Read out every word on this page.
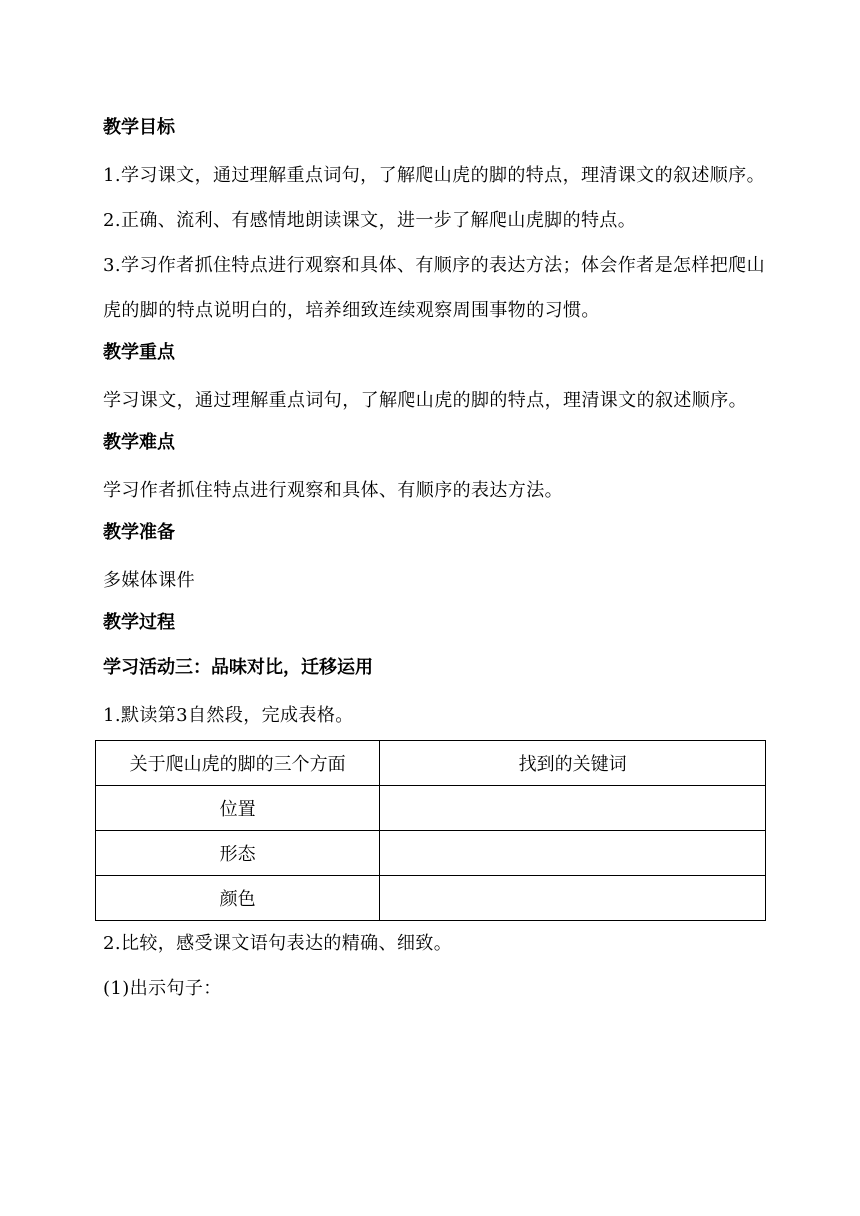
教学目标

1.学习课文，通过理解重点词句，了解爬山虎的脚的特点，理清课文的叙述顺序。

2.正确、流利、有感情地朗读课文，进一步了解爬山虎脚的特点。

3.学习作者抓住特点进行观察和具体、有顺序的表达方法；体会作者是怎样把爬山虎的脚的特点说明白的，培养细致连续观察周围事物的习惯。

教学重点

学习课文，通过理解重点词句，了解爬山虎的脚的特点，理清课文的叙述顺序。

教学难点

学习作者抓住特点进行观察和具体、有顺序的表达方法。

教学准备

多媒体课件

教学过程

学习活动三：品味对比，迁移运用

1.默读第3自然段，完成表格。

关于爬山虎的脚的三个方面	找到的关键词
位置	
形态	
颜色	

2.比较，感受课文语句表达的精确、细致。

(1)出示句子：
